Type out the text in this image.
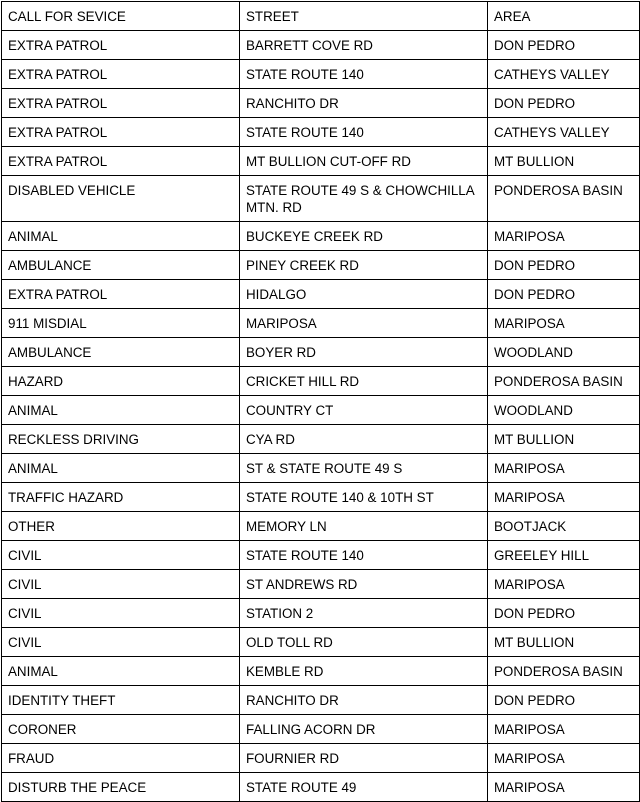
CALL FOR SEVICE	STREET	AREA
EXTRA PATROL	BARRETT COVE RD	DON PEDRO
EXTRA PATROL	STATE ROUTE 140	CATHEYS VALLEY
EXTRA PATROL	RANCHITO DR	DON PEDRO
EXTRA PATROL	STATE ROUTE 140	CATHEYS VALLEY
EXTRA PATROL	MT BULLION CUT-OFF RD	MT BULLION
DISABLED VEHICLE	STATE ROUTE 49 S & CHOWCHILLA MTN. RD	PONDEROSA BASIN
ANIMAL	BUCKEYE CREEK RD	MARIPOSA
AMBULANCE	PINEY CREEK RD	DON PEDRO
EXTRA PATROL	HIDALGO	DON PEDRO
911 MISDIAL	MARIPOSA	MARIPOSA
AMBULANCE	BOYER RD	WOODLAND
HAZARD	CRICKET HILL RD	PONDEROSA BASIN
ANIMAL	COUNTRY CT	WOODLAND
RECKLESS DRIVING	CYA RD	MT BULLION
ANIMAL	ST & STATE ROUTE 49 S	MARIPOSA
TRAFFIC HAZARD	STATE ROUTE 140 & 10TH ST	MARIPOSA
OTHER	MEMORY LN	BOOTJACK
CIVIL	STATE ROUTE 140	GREELEY HILL
CIVIL	ST ANDREWS RD	MARIPOSA
CIVIL	STATION 2	DON PEDRO
CIVIL	OLD TOLL RD	MT BULLION
ANIMAL	KEMBLE RD	PONDEROSA BASIN
IDENTITY THEFT	RANCHITO DR	DON PEDRO
CORONER	FALLING ACORN DR	MARIPOSA
FRAUD	FOURNIER RD	MARIPOSA
DISTURB THE PEACE	STATE ROUTE 49	MARIPOSA
